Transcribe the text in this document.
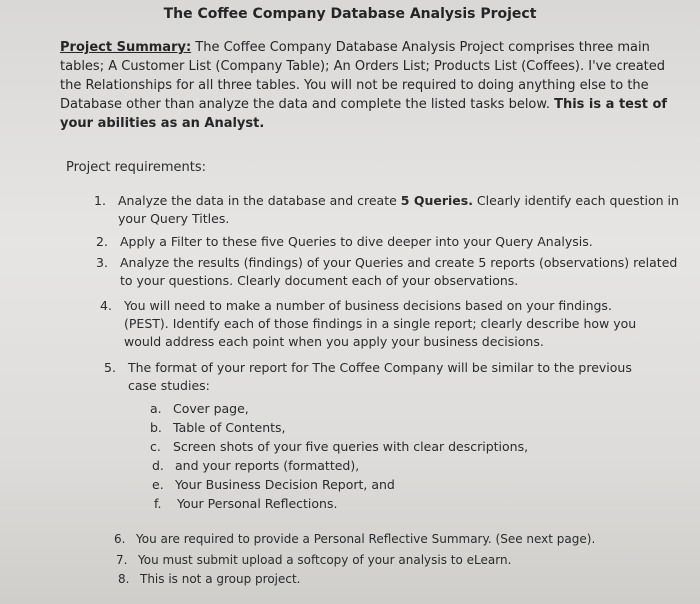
The Coffee Company Database Analysis Project
Project Summary: The Coffee Company Database Analysis Project comprises three main tables; A Customer List (Company Table); An Orders List; Products List (Coffees). I've created the Relationships for all three tables. You will not be required to doing anything else to the Database other than analyze the data and complete the listed tasks below. This is a test of your abilities as an Analyst.
Project requirements:
1. Analyze the data in the database and create 5 Queries. Clearly identify each question in your Query Titles.
2. Apply a Filter to these five Queries to dive deeper into your Query Analysis.
3. Analyze the results (findings) of your Queries and create 5 reports (observations) related to your questions. Clearly document each of your observations.
4. You will need to make a number of business decisions based on your findings. (PEST). Identify each of those findings in a single report; clearly describe how you would address each point when you apply your business decisions.
5. The format of your report for The Coffee Company will be similar to the previous case studies:
a. Cover page,
b. Table of Contents,
c. Screen shots of your five queries with clear descriptions,
d. and your reports (formatted),
e. Your Business Decision Report, and
f. Your Personal Reflections.
6. You are required to provide a Personal Reflective Summary. (See next page).
7. You must submit upload a softcopy of your analysis to eLearn.
8. This is not a group project.
